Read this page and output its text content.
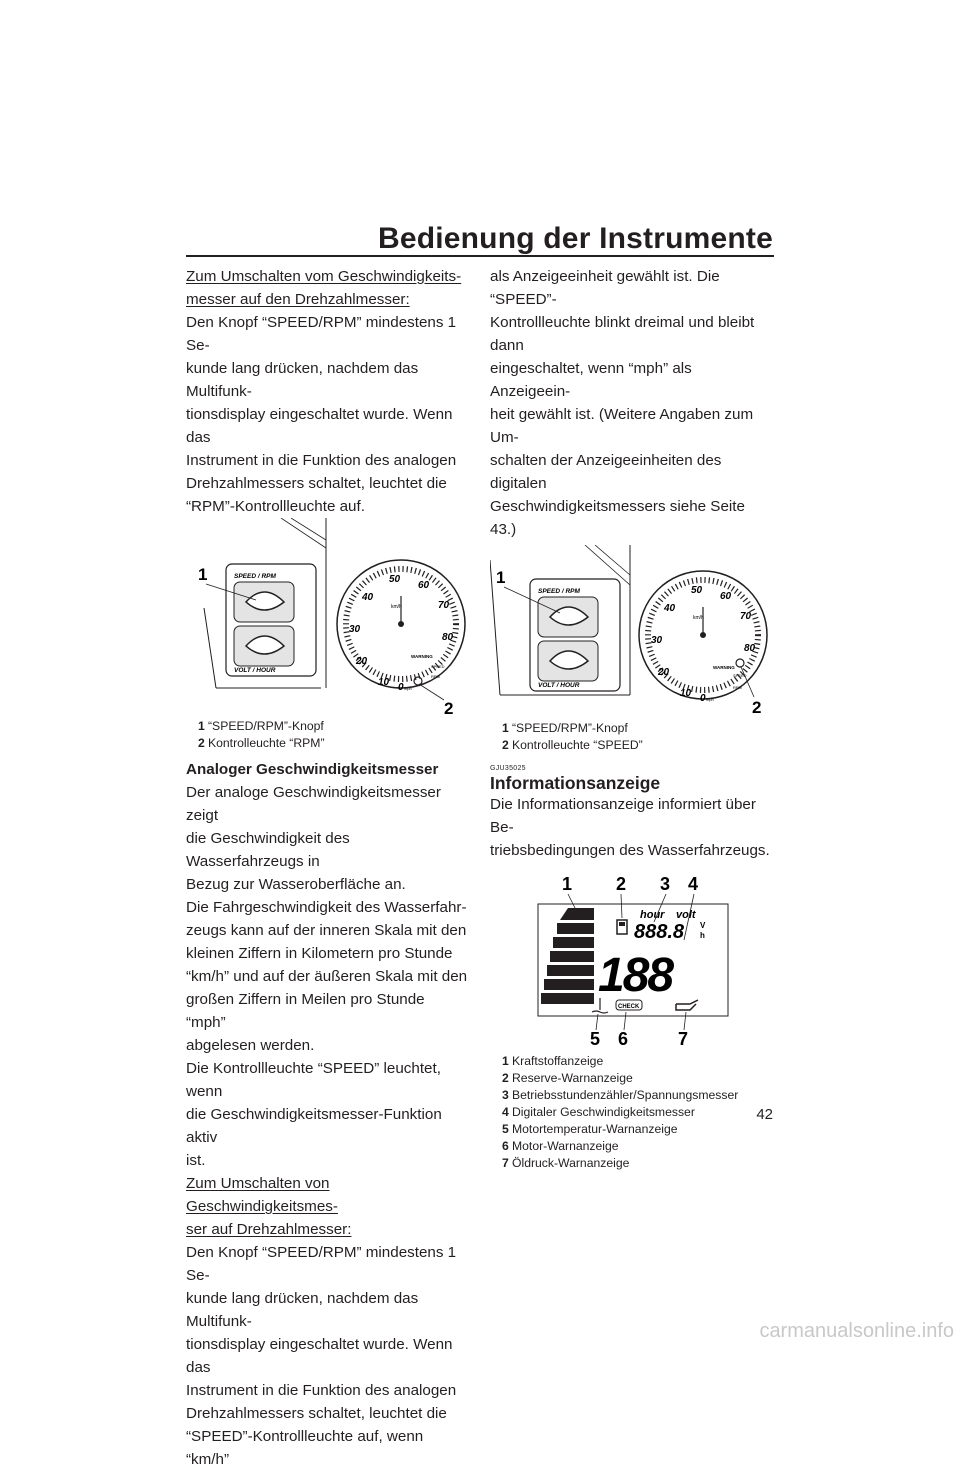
Bedienung der Instrumente

Zum Umschalten vom Geschwindigkeits-
messer auf den Drehzahlmesser:

Den Knopf “SPEED/RPM” mindestens 1 Se-
kunde lang drücken, nachdem das Multifunk-
tionsdisplay eingeschaltet wurde. Wenn das
Instrument in die Funktion des analogen
Drehzahlmessers schaltet, leuchtet die
“RPM”-Kontrollleuchte auf.

SPEED / RPM
VOLT / HOUR
1
10
20
30
40
50
60
70
80
0
km/h
mph
WARNING
SPEED
RPM
2
1 “SPEED/RPM”-Knopf
2 Kontrolleuchte “RPM”

Analoger Geschwindigkeitsmesser

Der analoge Geschwindigkeitsmesser zeigt
die Geschwindigkeit des Wasserfahrzeugs in
Bezug zur Wasseroberfläche an.
Die Fahrgeschwindigkeit des Wasserfahr-
zeugs kann auf der inneren Skala mit den
kleinen Ziffern in Kilometern pro Stunde
“km/h” und auf der äußeren Skala mit den
großen Ziffern in Meilen pro Stunde “mph”
abgelesen werden.
Die Kontrollleuchte “SPEED” leuchtet, wenn
die Geschwindigkeitsmesser-Funktion aktiv
ist.

Zum Umschalten von Geschwindigkeitsmes-
ser auf Drehzahlmesser:

Den Knopf “SPEED/RPM” mindestens 1 Se-
kunde lang drücken, nachdem das Multifunk-
tionsdisplay eingeschaltet wurde. Wenn das
Instrument in die Funktion des analogen
Drehzahlmessers schaltet, leuchtet die
“SPEED”-Kontrollleuchte auf, wenn “km/h”

als Anzeigeeinheit gewählt ist. Die “SPEED”-
Kontrollleuchte blinkt dreimal und bleibt dann
eingeschaltet, wenn “mph” als Anzeigeein-
heit gewählt ist. (Weitere Angaben zum Um-
schalten der Anzeigeeinheiten des digitalen
Geschwindigkeitsmessers siehe Seite 43.)

SPEED / RPM
VOLT / HOUR
1
10
20
30
40
50
60
70
80
0
km/h
mph
WARNING
SPEED
RPM
2
1 “SPEED/RPM”-Knopf
2 Kontrolleuchte “SPEED”
GJU35025

Informationsanzeige

Die Informationsanzeige informiert über Be-
triebsbedingungen des Wasserfahrzeugs.

1 2 3 4
5 6	7
hour volt
888.8 V
h
188
CHECK
1 Kraftstoffanzeige
2 Reserve-Warnanzeige
3 Betriebsstundenzähler/Spannungsmesser
4 Digitaler Geschwindigkeitsmesser
5 Motortemperatur-Warnanzeige
6 Motor-Warnanzeige
7 Öldruck-Warnanzeige
42
carmanualsonline.info
